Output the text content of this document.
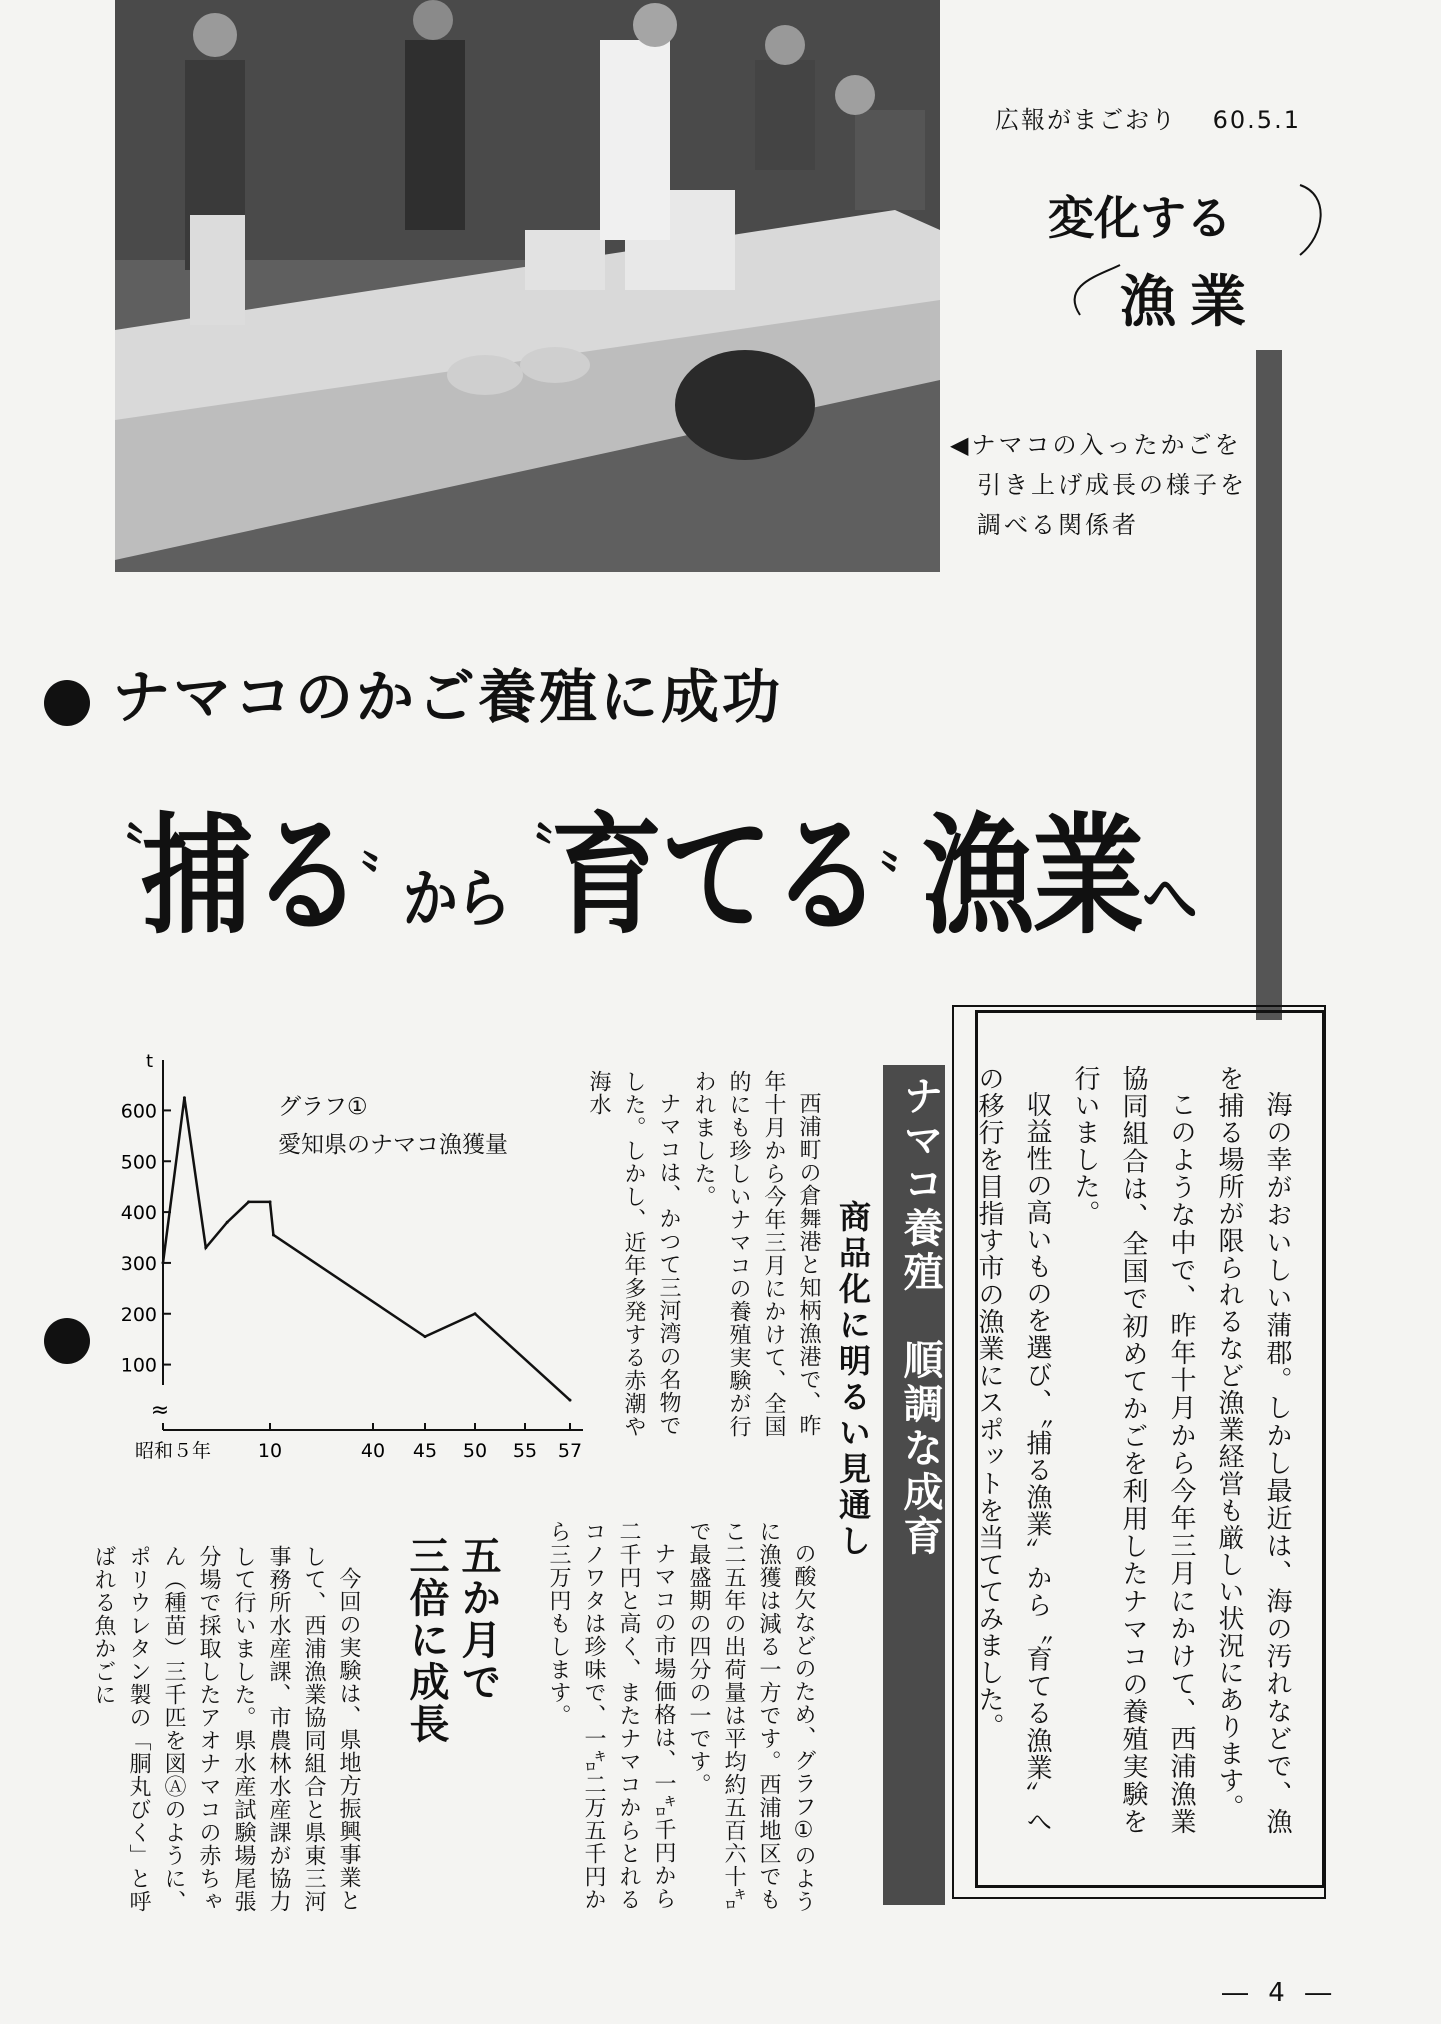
広報がまごおり　 60.5.1
変化する
漁業
◀ナマコの入ったかごを
引き上げ成長の様子を
調べる関係者
ナマコのかご養殖に成功
〝捕る〟から〝育てる〟漁業へ

海の幸がおいしい蒲郡。しかし最近は、海の汚れなどで、漁を捕る場所が限られるなど漁業経営も厳しい状況にあります。

このような中で、昨年十月から今年三月にかけて、西浦漁業協同組合は、全国で初めてかごを利用したナマコの養殖実験を行いました。

収益性の高いものを選び、〝捕る漁業〟から〝育てる漁業〟への移行を目指す市の漁業にスポットを当ててみました。

ナマコ養殖　順調な成育
商品化に明るい見通し

西浦町の倉舞港と知柄漁港で、昨年十月から今年三月にかけて、全国的にも珍しいナマコの養殖実験が行われました。

ナマコは、かつて三河湾の名物でした。しかし、近年多発する赤潮や海水

の酸欠などのため、グラフ①のように漁獲は減る一方です。西浦地区でもこ二五年の出荷量は平均約五百六十㌔で最盛期の四分の一です。

ナマコの市場価格は、一㌔千円から二千円と高く、またナマコからとれるコノワタは珍味で、一㌔二万五千円から三万円もします。

五か月で
三倍に成長

今回の実験は、県地方振興事業として、西浦漁業協同組合と県東三河事務所水産課、市農林水産課が協力して行いました。県水産試験場尾張分場で採取したアオナマコの赤ちゃん（種苗）三千匹を図Ⓐのように、ポリウレタン製の「胴丸びく」と呼ばれる魚かごに

グラフ①
愛知県のナマコ漁獲量
t
≈
100
200
300
400
500
600
昭和５年 10	40 45 50 55 57
― 4 ―
